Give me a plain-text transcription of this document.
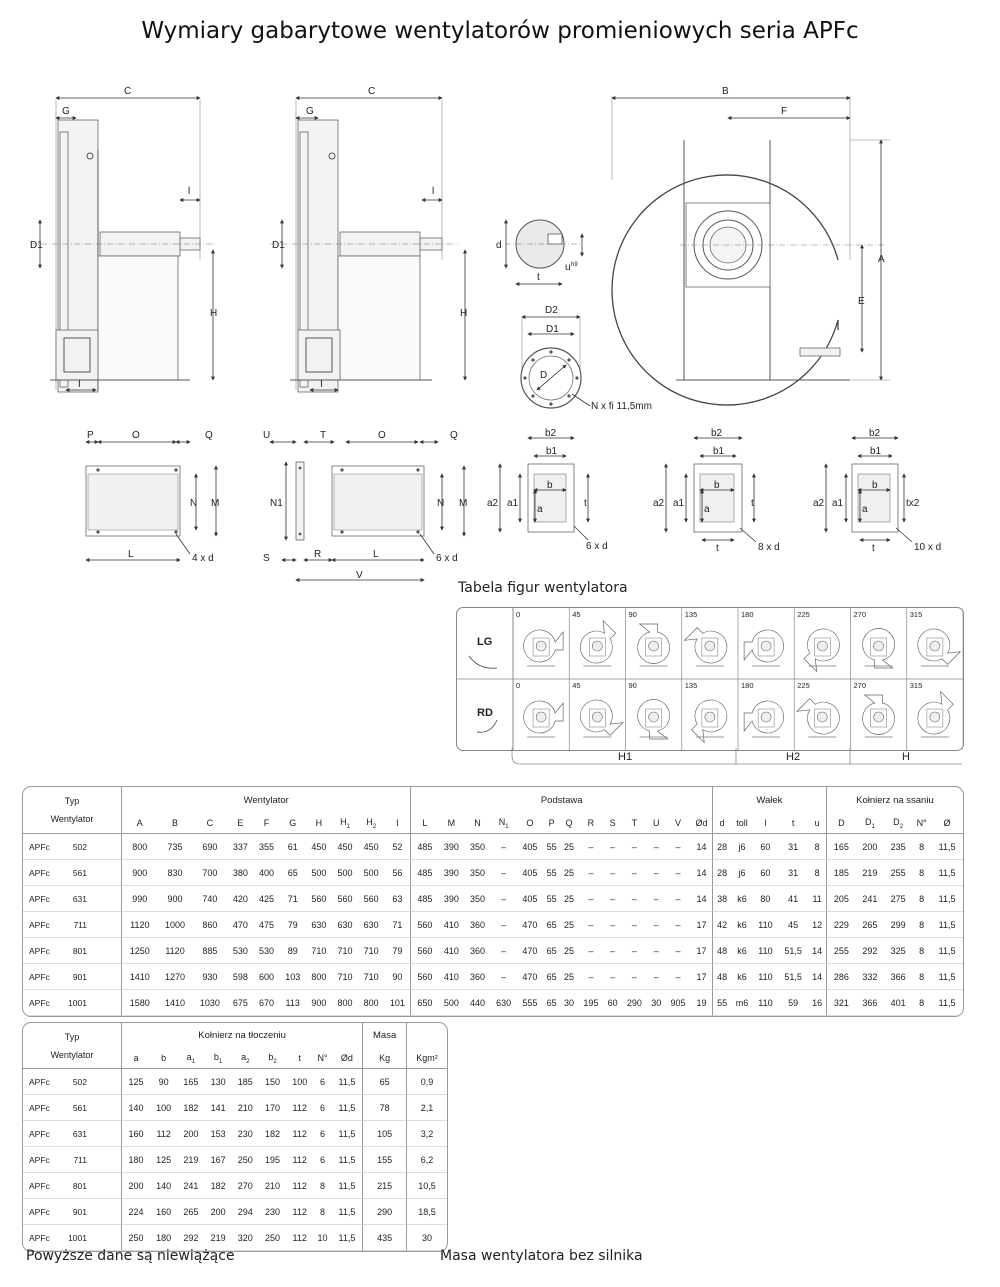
Wymiary gabarytowe wentylatorów promieniowych seria APFc
C
G
D1
H
l
I
C
G
D1
H
l
I
d
t
u h9
D2
D1
D
N x fi 11,5mm
B
F
A
E
P	O	Q
N M
L	4 x d
U	T	O	Q
N1	N M
S	R	L	6 x d
V
b2
b1
b
a
a2 a1	t
6 x d
b2
b1
b
a
a2 a1	t
t	8 x d
b2
b1
b
a
a2 a1	tx2
t	10 x d
Tabela figur wentylatora
LG
RD
0	45	90	135	180	225	270	315
0	45	90	135	180	225	270	315
H1	H2	H
Typ
Wentylator	Wentylator										Podstawa													Wałek					Kołnierz na ssaniu				
	A	B	C	E	F	G	H	$H_1$	$H_2$	I	L	M	N	$N_1$	O	P	Q	R	S	T	U	V	Ød	d	toll	l	t	u	D	$D_1$	$D_2$	N°	Ø
APFc 502	800	735	690	337	355	61	450	450	450	52	485	390	350	–	405	55	25	–	–	–	–	–	14	28	j6	60	31	8	165	200	235	8	11,5
APFc 561	900	830	700	380	400	65	500	500	500	56	485	390	350	–	405	55	25	–	–	–	–	–	14	28	j6	60	31	8	185	219	255	8	11,5
APFc 631	990	900	740	420	425	71	560	560	560	63	485	390	350	–	405	55	25	–	–	–	–	–	14	38	k6	80	41	11	205	241	275	8	11,5
APFc 711	1120	1000	860	470	475	79	630	630	630	71	560	410	360	–	470	65	25	–	–	–	–	–	17	42	k6	110	45	12	229	265	299	8	11,5
APFc 801	1250	1120	885	530	530	89	710	710	710	79	560	410	360	–	470	65	25	–	–	–	–	–	17	48	k6	110	51,5	14	255	292	325	8	11,5
APFc 901	1410	1270	930	598	600	103	800	710	710	90	560	410	360	–	470	65	25	–	–	–	–	–	17	48	k6	110	51,5	14	286	332	366	8	11,5
APFc 1001	1580	1410	1030	675	670	113	900	800	800	101	650	500	440	630	555	65	30	195	60	290	30	905	19	55	m6	110	59	16	321	366	401	8	11,5
Typ
Wentylator	Kołnierz na tłoczeniu									Masa	
	a	b	$a_1$	$b_1$	$a_2$	$b_2$	t	N°	Ød	Kg	Kgm²
APFc 502	125	90	165	130	185	150	100	6	11,5	65	0,9
APFc 561	140	100	182	141	210	170	112	6	11,5	78	2,1
APFc 631	160	112	200	153	230	182	112	6	11,5	105	3,2
APFc 711	180	125	219	167	250	195	112	6	11,5	155	6,2
APFc 801	200	140	241	182	270	210	112	8	11,5	215	10,5
APFc 901	224	160	265	200	294	230	112	8	11,5	290	18,5
APFc 1001	250	180	292	219	320	250	112	10	11,5	435	30
Powyższe dane są niewiążące	Masa wentylatora bez silnika
